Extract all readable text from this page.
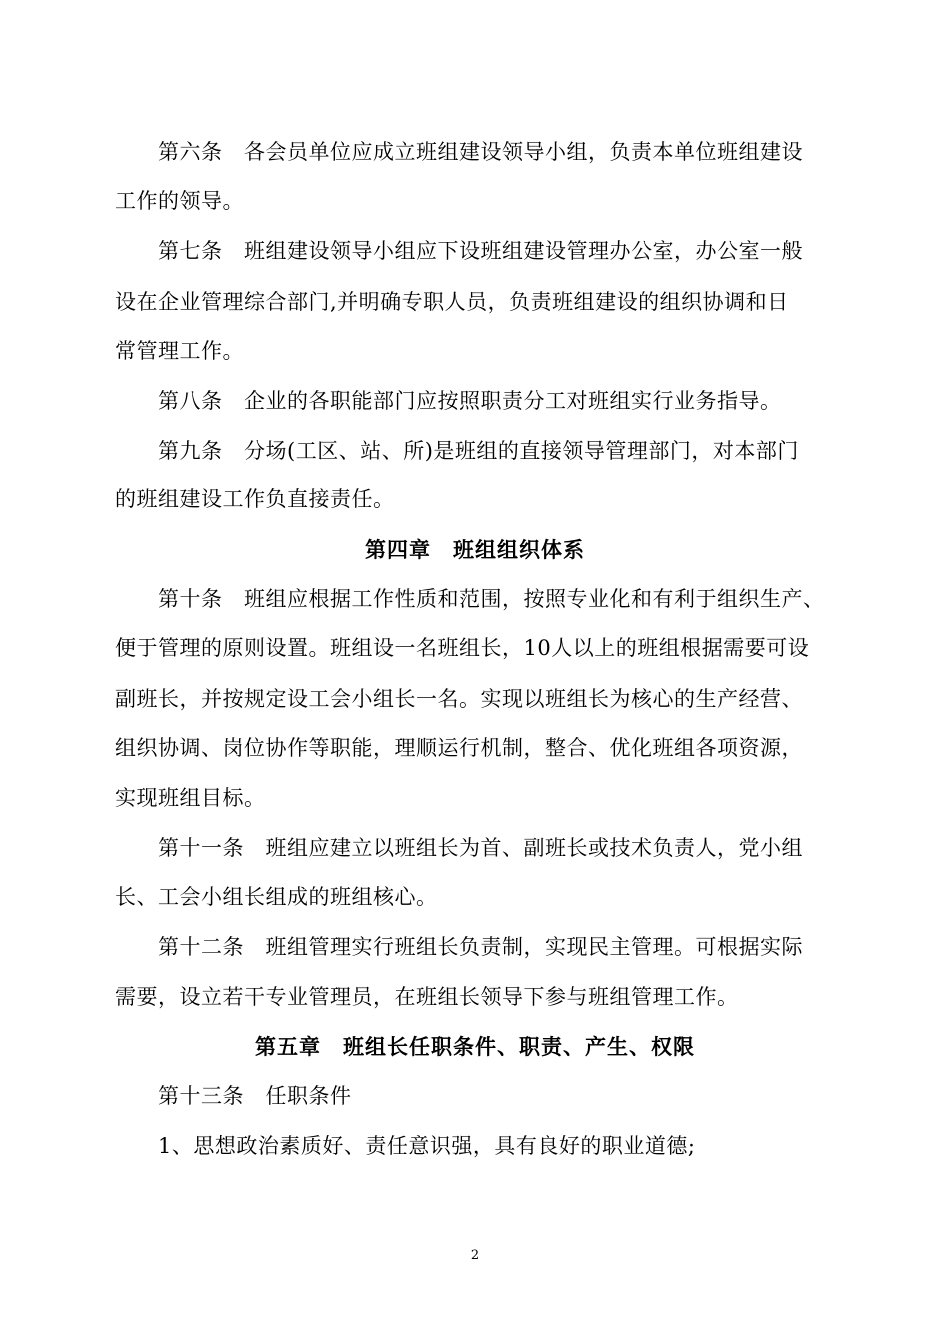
第六条　各会员单位应成立班组建设领导小组，负责本单位班组建设
工作的领导。
第七条　班组建设领导小组应下设班组建设管理办公室，办公室一般
设在企业管理综合部门,并明确专职人员，负责班组建设的组织协调和日
常管理工作。
第八条　企业的各职能部门应按照职责分工对班组实行业务指导。
第九条　分场(工区、站、所)是班组的直接领导管理部门，对本部门
的班组建设工作负直接责任。
第四章　班组组织体系
第十条　班组应根据工作性质和范围，按照专业化和有利于组织生产、
便于管理的原则设置。班组设一名班组长，10人以上的班组根据需要可设
副班长，并按规定设工会小组长一名。实现以班组长为核心的生产经营、
组织协调、岗位协作等职能，理顺运行机制，整合、优化班组各项资源，
实现班组目标。
第十一条　班组应建立以班组长为首、副班长或技术负责人，党小组
长、工会小组长组成的班组核心。
第十二条　班组管理实行班组长负责制，实现民主管理。可根据实际
需要，设立若干专业管理员，在班组长领导下参与班组管理工作。
第五章　班组长任职条件、职责、产生、权限
第十三条　任职条件
1、思想政治素质好、责任意识强，具有良好的职业道德;
2
